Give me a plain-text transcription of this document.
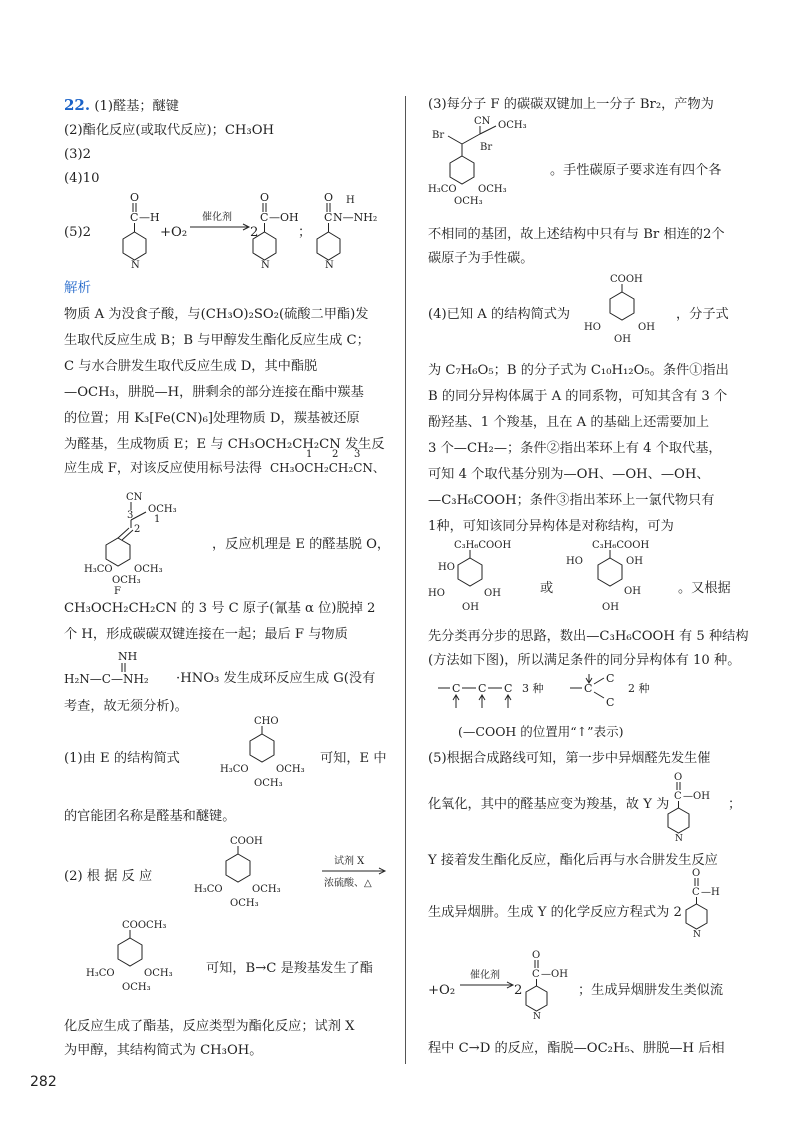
22. (1)醛基；醚键
(2)酯化反应(或取代反应)；CH₃OH
(3)2
(4)10
(5)2
O
C —H
N
+O₂
催化剂
2
O
C —OH
N
；
O
C
H
N—NH₂
N
解析
物质 A 为没食子酸，与(CH₃O)₂SO₂(硫酸二甲酯)发
生取代反应生成 B；B 与甲醇发生酯化反应生成 C；
C 与水合肼发生取代反应生成 D，其中酯脱
—OCH₃，肼脱—H，肼剩余的部分连接在酯中羰基
的位置；用 K₃[Fe(CN)₆]处理物质 D，羰基被还原
为醛基，生成物质 E；E 与 CH₃OCH₂CH₂CN 发生反
应生成 F，对该反应使用标号法得
1 2 3
CH₃OCH₂CH₂CN、
CN
3
OCH₃
1
2
H₃CO OCH₃
OCH₃
F
，反应机理是 E 的醛基脱 O，
CH₃OCH₂CH₂CN 的 3 号 C 原子(氰基 α 位)脱掉 2
个 H，形成碳碳双键连接在一起；最后 F 与物质
NH
H₂N—C—NH₂ ·HNO₃ 发生成环反应生成 G(没有
考查，故无须分析)。
(1)由 E 的结构简式
CHO
H₃CO	OCH₃
OCH₃
可知，E 中
的官能团名称是醛基和醚键。
(2) 根 据 反 应
COOH
H₃CO	OCH₃
OCH₃
试剂 X
浓硫酸、△
COOCH₃
H₃CO	OCH₃
OCH₃
可知，B→C 是羧基发生了酯
化反应生成了酯基，反应类型为酯化反应；试剂 X
为甲醇，其结构简式为 CH₃OH。
(3)每分子 F 的碳碳双键加上一分子 Br₂，产物为
CN OCH₃
Br
Br
H₃CO OCH₃
OCH₃
。手性碳原子要求连有四个各
不相同的基团，故上述结构中只有与 Br 相连的2个
碳原子为手性碳。
(4)已知 A 的结构简式为
COOH
HO	OH
OH
，分子式
为 C₇H₆O₅；B 的分子式为 C₁₀H₁₂O₅。条件①指出
B 的同分异构体属于 A 的同系物，可知其含有 3 个
酚羟基、1 个羧基，且在 A 的基础上还需要加上
3 个—CH₂—；条件②指出苯环上有 4 个取代基，
可知 4 个取代基分别为—OH、—OH、—OH、
—C₃H₆COOH；条件③指出苯环上一氯代物只有
1种，可知该同分异构体是对称结构，可为
C₃H₆COOH
HO
HO	OH
OH
或
C₃H₆COOH
HO	OH
OH
OH
。又根据
先分类再分步的思路，数出—C₃H₆COOH 有 5 种结构
(方法如下图)，所以满足条件的同分异构体有 10 种。
C C C 3 种	C
C
C
2 种
(—COOH 的位置用“↑”表示)
(5)根据合成路线可知，第一步中异烟醛先发生催
化氧化，其中的醛基应变为羧基，故 Y 为
O
C —OH
N
；
Y 接着发生酯化反应，酯化后再与水合肼发生反应
生成异烟肼。生成 Y 的化学反应方程式为 2
O
C —H
N
+O₂
催化剂
2
O
C —OH
N
；生成异烟肼发生类似流
程中 C→D 的反应，酯脱—OC₂H₅、肼脱—H 后相
282
